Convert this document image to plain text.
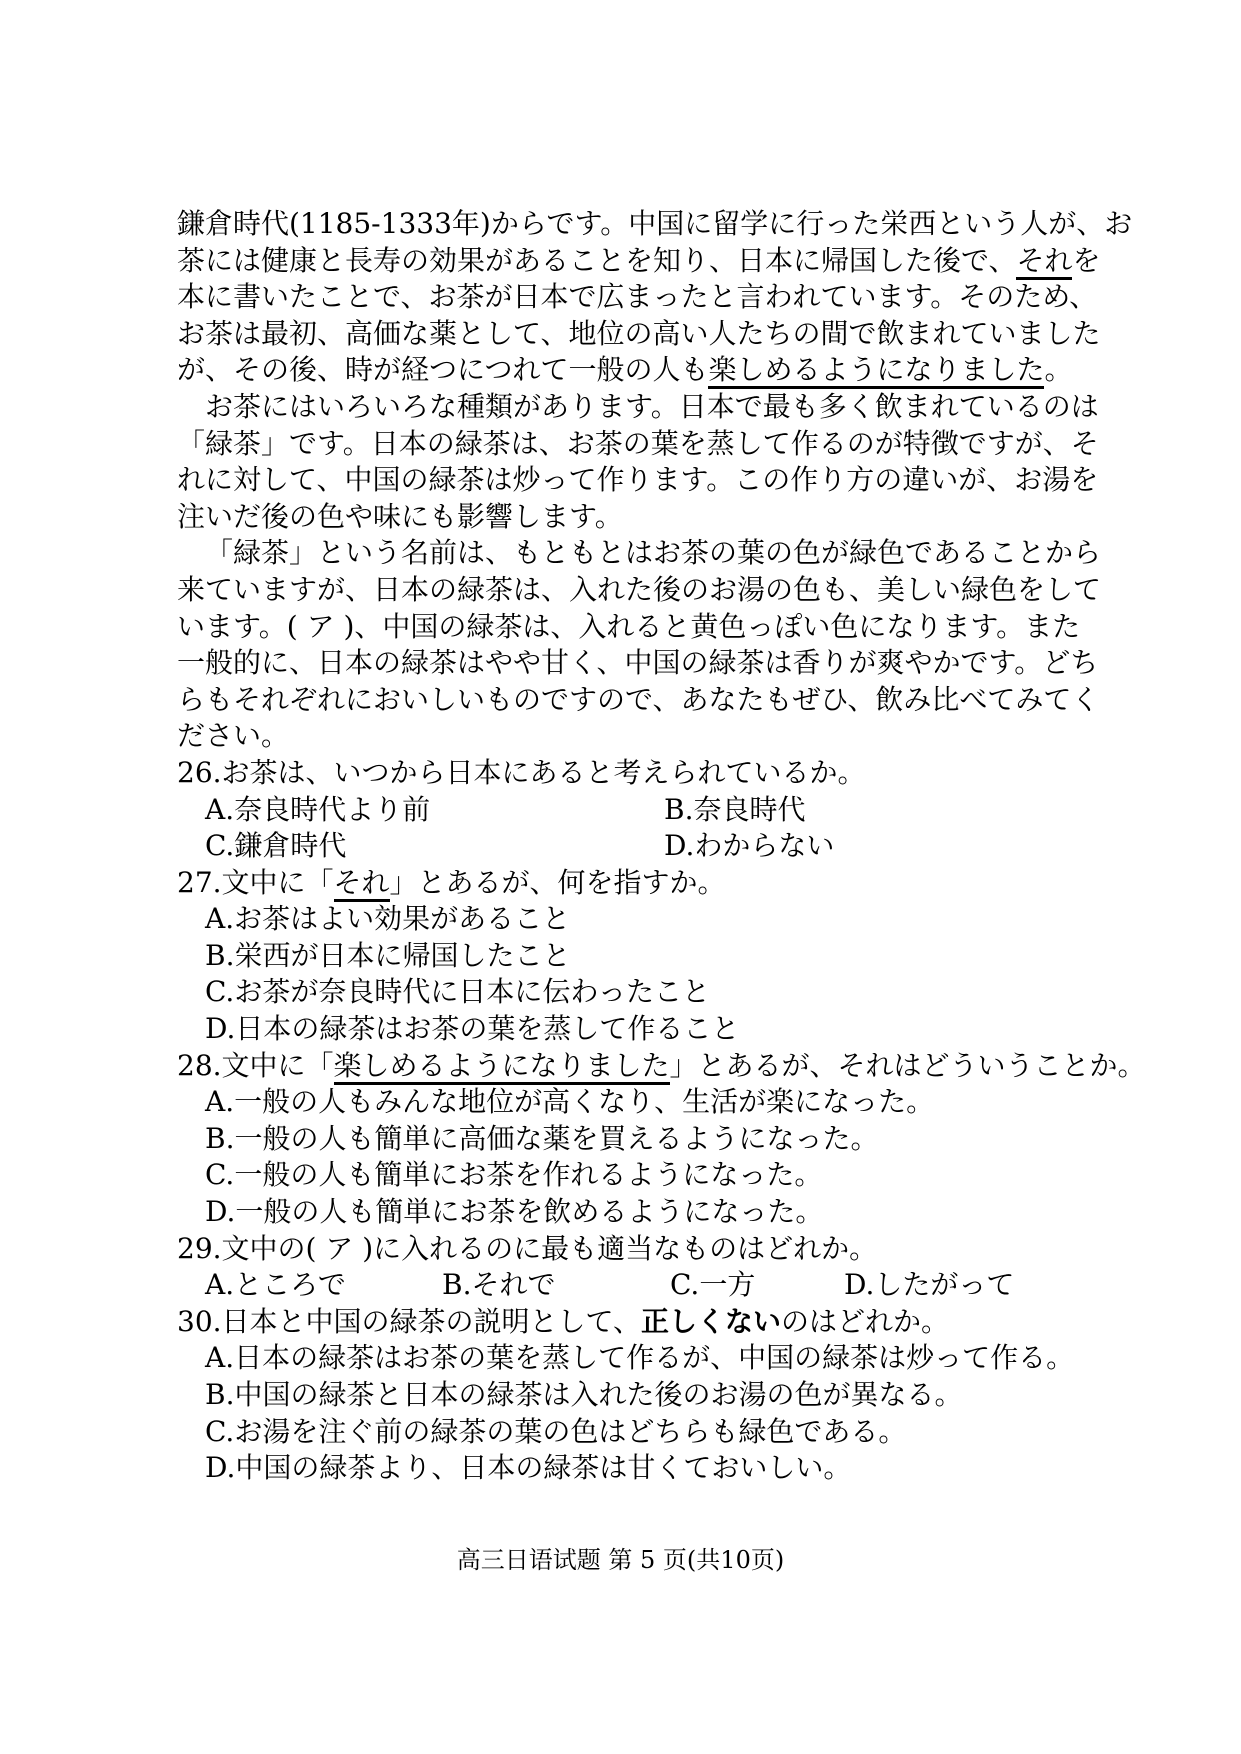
鎌倉時代(1185-1333年)からです。中国に留学に行った栄西という人が、お
茶には健康と長寿の効果があることを知り、日本に帰国した後で、それを
本に書いたことで、お茶が日本で広まったと言われています。そのため、
お茶は最初、高価な薬として、地位の高い人たちの間で飲まれていました
が、その後、時が経つにつれて一般の人も楽しめるようになりました。
お茶にはいろいろな種類があります。日本で最も多く飲まれているのは
「緑茶」です。日本の緑茶は、お茶の葉を蒸して作るのが特徴ですが、そ
れに対して、中国の緑茶は炒って作ります。この作り方の違いが、お湯を
注いだ後の色や味にも影響します。
「緑茶」という名前は、もともとはお茶の葉の色が緑色であることから
来ていますが、日本の緑茶は、入れた後のお湯の色も、美しい緑色をして
います。( ア )、中国の緑茶は、入れると黄色っぽい色になります。また
一般的に、日本の緑茶はやや甘く、中国の緑茶は香りが爽やかです。どち
らもそれぞれにおいしいものですので、あなたもぜひ、飲み比べてみてく
ださい。
26.お茶は、いつから日本にあると考えられているか。
A.奈良時代より前	B.奈良時代
C.鎌倉時代	D.わからない
27.文中に「それ」とあるが、何を指すか。
A.お茶はよい効果があること
B.栄西が日本に帰国したこと
C.お茶が奈良時代に日本に伝わったこと
D.日本の緑茶はお茶の葉を蒸して作ること
28.文中に「楽しめるようになりました」とあるが、それはどういうことか。
A.一般の人もみんな地位が高くなり、生活が楽になった。
B.一般の人も簡単に高価な薬を買えるようになった。
C.一般の人も簡単にお茶を作れるようになった。
D.一般の人も簡単にお茶を飲めるようになった。
29.文中の( ア )に入れるのに最も適当なものはどれか。
A.ところで	B.それで	C.一方	D.したがって
30.日本と中国の緑茶の説明として、正しくないのはどれか。
A.日本の緑茶はお茶の葉を蒸して作るが、中国の緑茶は炒って作る。
B.中国の緑茶と日本の緑茶は入れた後のお湯の色が異なる。
C.お湯を注ぐ前の緑茶の葉の色はどちらも緑色である。
D.中国の緑茶より、日本の緑茶は甘くておいしい。
高三日语试题 第 5 页(共10页)
